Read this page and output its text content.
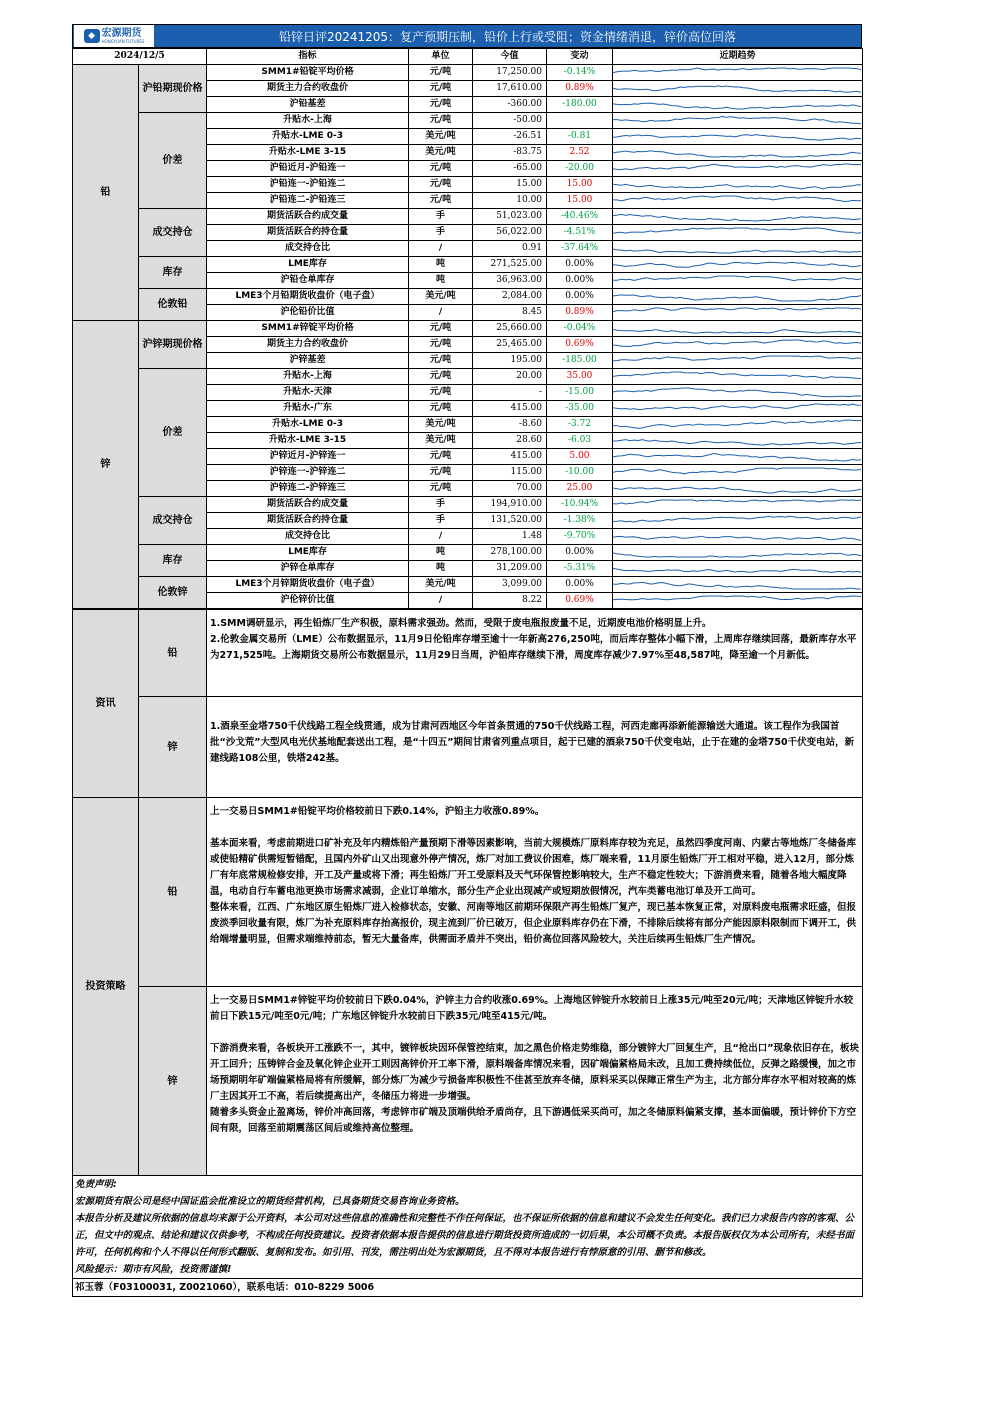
◆ 宏源期货
HONGYUAN FUTURES	铅锌日评20241205：复产预期压制，铅价上行或受阻；资金情绪消退，锌价高位回落
2024/12/5		指标	单位	今值	变动	近期趋势
铅	沪铅期现价格	SMM1#铅锭平均价格	元/吨	17,250.00	-0.14%	

		期货主力合约收盘价	元/吨	17,610.00	0.89%	

		沪铅基差	元/吨	-360.00	-180.00	

	价差	升贴水-上海	元/吨	-50.00		

		升贴水-LME 0-3	美元/吨	-26.51	-0.81	

		升贴水-LME 3-15	美元/吨	-83.75	2.52	

		沪铅近月-沪铅连一	元/吨	-65.00	-20.00	

		沪铅连一-沪铅连二	元/吨	15.00	15.00	

		沪铅连二-沪铅连三	元/吨	10.00	15.00	

	成交持仓	期货活跃合约成交量	手	51,023.00	-40.46%	

		期货活跃合约持仓量	手	56,022.00	-4.51%	

		成交持仓比	/	0.91	-37.64%	

	库存	LME库存	吨	271,525.00	0.00%	

		沪铅仓单库存	吨	36,963.00	0.00%	

	伦敦铅	LME3个月铅期货收盘价（电子盘）	美元/吨	2,084.00	0.00%	

		沪伦铅价比值	/	8.45	0.89%	

锌	沪锌期现价格	SMM1#锌锭平均价格	元/吨	25,660.00	-0.04%	

		期货主力合约收盘价	元/吨	25,465.00	0.69%	

		沪锌基差	元/吨	195.00	-185.00	

	价差	升贴水-上海	元/吨	20.00	35.00	

		升贴水-天津	元/吨	-	-15.00	

		升贴水-广东	元/吨	415.00	-35.00	

		升贴水-LME 0-3	美元/吨	-8.60	-3.72	

		升贴水-LME 3-15	美元/吨	28.60	-6.03	

		沪锌近月-沪锌连一	元/吨	415.00	5.00	

		沪锌连一-沪锌连二	元/吨	115.00	-10.00	

		沪锌连二-沪锌连三	元/吨	70.00	25.00	

	成交持仓	期货活跃合约成交量	手	194,910.00	-10.94%	

		期货活跃合约持仓量	手	131,520.00	-1.38%	

		成交持仓比	/	1.48	-9.70%	

	库存	LME库存	吨	278,100.00	0.00%	

		沪锌仓单库存	吨	31,209.00	-5.31%	

	伦敦锌	LME3个月锌期货收盘价（电子盘）	美元/吨	3,099.00	0.00%	

		沪伦锌价比值	/	8.22	0.69%	
资讯	铅	1.SMM调研显示，再生铅炼厂生产积极，原料需求强劲。然而，受限于废电瓶报废量不足，近期废电池价格明显上升。

2.伦敦金属交易所（LME）公布数据显示，11月9日伦铅库存增至逾十一年新高276,250吨，而后库存整体小幅下滑，上周库存继续回落，最新库存水平为271,525吨。上海期货交易所公布数据显示，11月29日当周，沪铅库存继续下滑，周度库存减少7.97%至48,587吨，降至逾一个月新低。

	锌	1.酒泉至金塔750千伏线路工程全线贯通，成为甘肃河西地区今年首条贯通的750千伏线路工程，河西走廊再添新能源输送大通道。该工程作为我国首批“沙戈荒”大型风电光伏基地配套送出工程，是“十四五”期间甘肃省列重点项目，起于已建的酒泉750千伏变电站，止于在建的金塔750千伏变电站，新建线路108公里，铁塔242基。

投资策略	铅	上一交易日SMM1#铅锭平均价格较前日下跌0.14%，沪铅主力收涨0.89%。

基本面来看，考虑前期进口矿补充及年内精炼铅产量预期下滑等因素影响，当前大规模炼厂原料库存较为充足，虽然四季度河南、内蒙古等地炼厂冬储备库或使铅精矿供需短暂错配，且国内外矿山又出现意外停产情况，炼厂对加工费议价困难，炼厂端来看，11月原生铅炼厂开工相对平稳，进入12月，部分炼厂有年底常规检修安排，开工及产量或将下滑；再生铅炼厂开工受原料及天气环保管控影响较大，生产不稳定性较大；下游消费来看，随着各地大幅度降温，电动自行车蓄电池更换市场需求减弱，企业订单缩水，部分生产企业出现减产或短期放假情况，汽车类蓄电池订单及开工尚可。

整体来看，江西、广东地区原生铅炼厂进入检修状态，安徽、河南等地区前期环保限产再生铅炼厂复产，现已基本恢复正常，对原料废电瓶需求旺盛，但报废淡季回收量有限，炼厂为补充原料库存抬高报价，现主流到厂价已破万，但企业原料库存仍在下滑，不排除后续将有部分产能因原料限制而下调开工，供给端增量明显，但需求端维持前态，暂无大量备库，供需面矛盾并不突出，铅价高位回落风险较大，关注后续再生铅炼厂生产情况。

	锌	上一交易日SMM1#锌锭平均价较前日下跌0.04%，沪锌主力合约收涨0.69%。上海地区锌锭升水较前日上涨35元/吨至20元/吨；天津地区锌锭升水较前日下跌15元/吨至0元/吨；广东地区锌锭升水较前日下跌35元/吨至415元/吨。

下游消费来看，各板块开工涨跌不一，其中，镀锌板块因环保管控结束，加之黑色价格走势维稳，部分镀锌大厂回复生产，且“抢出口”现象依旧存在，板块开工回升；压铸锌合金及氧化锌企业开工则因高锌价开工率下滑，原料端备库情况来看，因矿端偏紧格局未改，且加工费持续低位，反弹之路缓慢，加之市场预期明年矿端偏紧格局将有所缓解，部分炼厂为减少亏损备库积极性不佳甚至放弃冬储，原料采买以保障正常生产为主，北方部分库存水平相对较高的炼厂主因其开工不高，若后续提高出产，冬储压力将进一步增强。

随着多头资金止盈离场，锌价冲高回落，考虑锌市矿端及顶端供给矛盾尚存，且下游遇低采买尚可，加之冬储原料偏紧支撑，基本面偏暖，预计锌价下方空间有限，回落至前期震荡区间后或维持高位整理。

免责声明:

宏源期货有限公司是经中国证监会批准设立的期货经营机构，已具备期货交易咨询业务资格。

本报告分析及建议所依据的信息均来源于公开资料，本公司对这些信息的准确性和完整性不作任何保证，也不保证所依据的信息和建议不会发生任何变化。我们已力求报告内容的客观、公正，但文中的观点、结论和建议仅供参考，不构成任何投资建议。投资者依据本报告提供的信息进行期货投资所造成的一切后果，本公司概不负责。本报告版权仅为本公司所有，未经书面许可，任何机构和个人不得以任何形式翻版、复制和发布。如引用、刊发，需注明出处为宏源期货，且不得对本报告进行有悖原意的引用、删节和修改。

风险提示：期市有风险，投资需谨慎!		

祁玉蓉（F03100031, Z0021060），联系电话：010-8229 5006		
